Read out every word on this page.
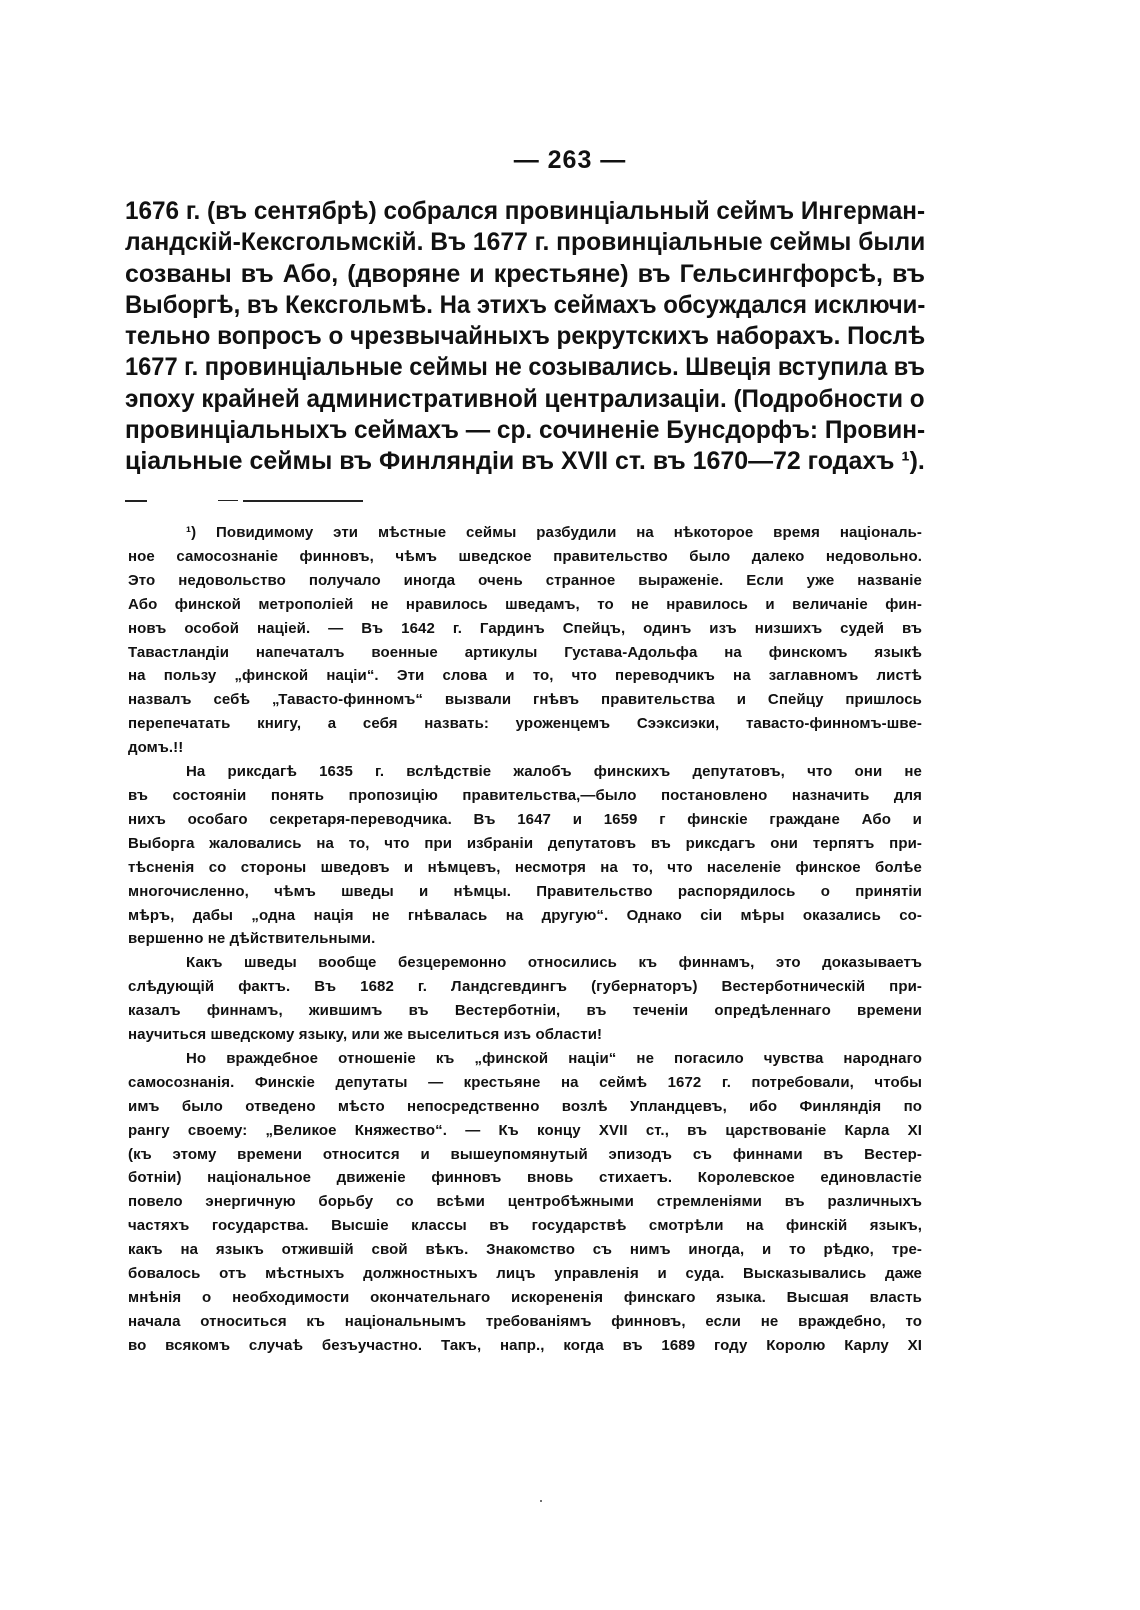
— 263 —
1676 г. (въ сентябрѣ) собрался провинціальный сеймъ Ингерман-
ландскій-Кексгольмскій. Въ 1677 г. провинціальные сеймы были
созваны въ Або, (дворяне и крестьяне) въ Гельсингфорсѣ, въ
Выборгѣ, въ Кексгольмѣ. На этихъ сеймахъ обсуждался исключи-
тельно вопросъ о чрезвычайныхъ рекрутскихъ наборахъ. Послѣ
1677 г. провинціальные сеймы не созывались. Швеція вступила въ
эпоху крайней административной централизаціи. (Подробности о
провинціальныхъ сеймахъ — ср. сочиненіе Бунсдорфъ: Провин-
ціальные сеймы въ Финляндіи въ XVII ст. въ 1670—72 годахъ ¹).
¹) Повидимому эти мѣстные сеймы разбудили на нѣкоторое время національ-
ное самосознаніе финновъ, чѣмъ шведское правительство было далеко недовольно.
Это недовольство получало иногда очень странное выраженіе. Если уже названіе
Або финской метрополіей не нравилось шведамъ, то не нравилось и величаніе фин-
новъ особой націей. — Въ 1642 г. Гардинъ Спейцъ, одинъ изъ низшихъ судей въ
Тавастландіи напечаталъ военные артикулы Густава-Адольфа на финскомъ языкѣ
на пользу „финской націи“. Эти слова и то, что переводчикъ на заглавномъ листѣ
назвалъ себѣ „Таваcто-финномъ“ вызвали гнѣвъ правительства и Спейцу пришлось
перепечатать книгу, а себя назвать: уроженцемъ Сээксиэки, тавасто-финномъ-шве-
домъ.!!
На риксдагѣ 1635 г. вслѣдствіе жалобъ финскихъ депутатовъ, что они не
въ состояніи понять пропозицію правительства,—было постановлено назначить для
нихъ особаго секретаря-переводчика. Въ 1647 и 1659 г финскіе граждане Або и
Выборга жаловались на то, что при избраніи депутатовъ въ риксдагъ они терпятъ при-
тѣсненія со стороны шведовъ и нѣмцевъ, несмотря на то, что населеніе финское болѣе
многочисленно, чѣмъ шведы и нѣмцы. Правительство распорядилось о принятіи
мѣръ, дабы „одна нація не гнѣвалась на другую“. Однако сіи мѣры оказались со-
вершенно не дѣйствительными.
Какъ шведы вообще безцеремонно относились къ финнамъ, это доказываетъ
слѣдующій фактъ. Въ 1682 г. Ландсгевдингъ (губернаторъ) Вестерботническій при-
казалъ финнамъ, жившимъ въ Вестерботніи, въ теченіи опредѣленнаго времени
научиться шведскому языку, или же выселиться изъ области!
Но враждебное отношеніе къ „финской націи“ не погасило чувства народнаго
самосознанія. Финскіе депутаты — крестьяне на сеймѣ 1672 г. потребовали, чтобы
имъ было отведено мѣсто непосредственно возлѣ Упландцевъ, ибо Финляндія по
рангу своему: „Великое Княжество“. — Къ концу XVII ст., въ царствованіе Карла XI
(къ этому времени относится и вышеупомянутый эпизодъ съ финнами въ Вестер-
ботніи) національное движеніе финновъ вновь стихаетъ. Королевское единовластіе
повело энергичную борьбу со всѣми центробѣжными стремленіями въ различныхъ
частяхъ государства. Высшіе классы въ государствѣ смотрѣли на финскій языкъ,
какъ на языкъ отжившій свой вѣкъ. Знакомство съ нимъ иногда, и то рѣдко, тре-
бовалось отъ мѣстныхъ должностныхъ лицъ управленія и суда. Высказывались даже
мнѣнія о необходимости окончательнаго искорененія финскаго языка. Высшая власть
начала относиться къ національнымъ требованіямъ финновъ, если не враждебно, то
во всякомъ случаѣ безъучастно. Такъ, напр., когда въ 1689 году Королю Карлу XI
